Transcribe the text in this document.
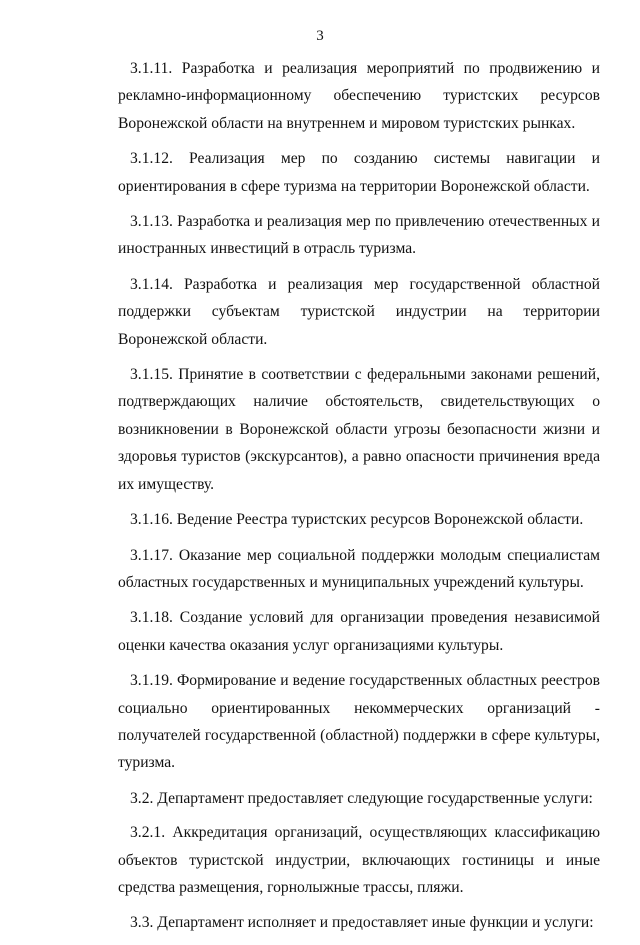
3

3.1.11. Разработка и реализация мероприятий по продвижению и рекламно-информационному обеспечению туристских ресурсов Воронежской области на внутреннем и мировом туристских рынках.

3.1.12. Реализация мер по созданию системы навигации и ориентирования в сфере туризма на территории Воронежской области.

3.1.13. Разработка и реализация мер по привлечению отечественных и иностранных инвестиций в отрасль туризма.

3.1.14. Разработка и реализация мер государственной областной поддержки субъектам туристской индустрии на территории Воронежской области.

3.1.15. Принятие в соответствии с федеральными законами решений, подтверждающих наличие обстоятельств, свидетельствующих о возникновении в Воронежской области угрозы безопасности жизни и здоровья туристов (экскурсантов), а равно опасности причинения вреда их имуществу.

3.1.16. Ведение Реестра туристских ресурсов Воронежской области.

3.1.17. Оказание мер социальной поддержки молодым специалистам областных государственных и муниципальных учреждений культуры.

3.1.18. Создание условий для организации проведения независимой оценки качества оказания услуг организациями культуры.

3.1.19. Формирование и ведение государственных областных реестров социально ориентированных некоммерческих организаций - получателей государственной (областной) поддержки в сфере культуры, туризма.

3.2. Департамент предоставляет следующие государственные услуги:

3.2.1. Аккредитация организаций, осуществляющих классификацию объектов туристской индустрии, включающих гостиницы и иные средства размещения, горнолыжные трассы, пляжи.

3.3. Департамент исполняет и предоставляет иные функции и услуги:
